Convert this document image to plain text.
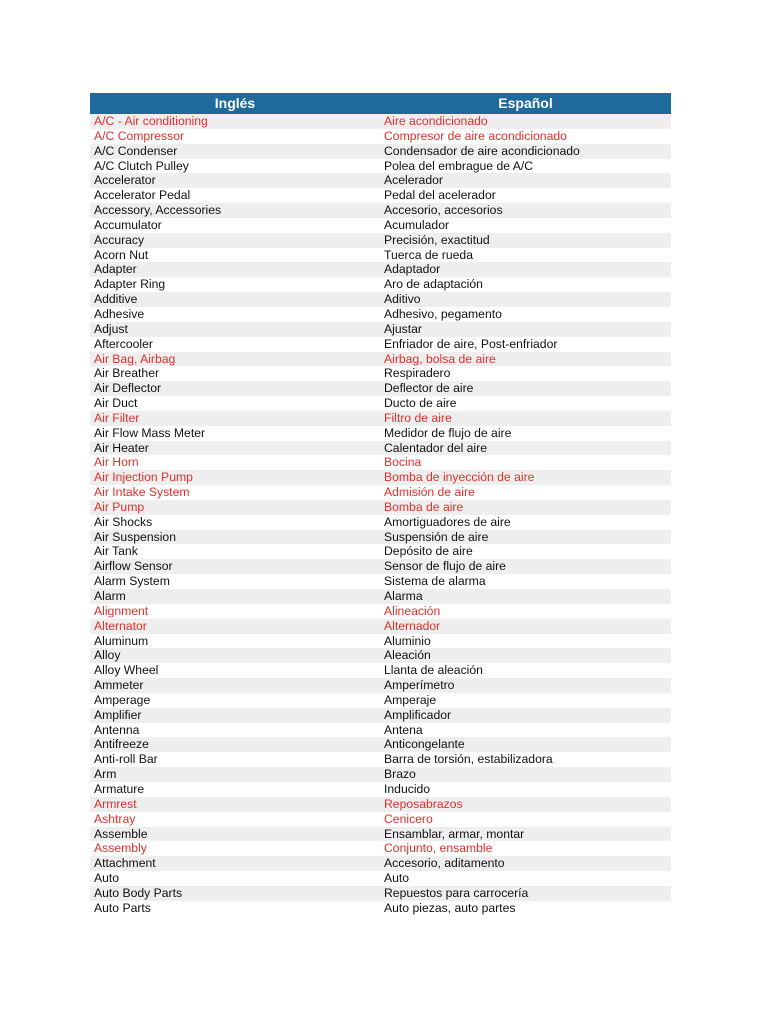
Inglés	Español
A/C - Air conditioning	Aire acondicionado
A/C Compressor	Compresor de aire acondicionado
A/C Condenser	Condensador de aire acondicionado
A/C Clutch Pulley	Polea del embrague de A/C
Accelerator	Acelerador
Accelerator Pedal	Pedal del acelerador
Accessory, Accessories	Accesorio, accesorios
Accumulator	Acumulador
Accuracy	Precisión, exactitud
Acorn Nut	Tuerca de rueda
Adapter	Adaptador
Adapter Ring	Aro de adaptación
Additive	Aditivo
Adhesive	Adhesivo, pegamento
Adjust	Ajustar
Aftercooler	Enfriador de aire, Post-enfriador
Air Bag, Airbag	Airbag, bolsa de aire
Air Breather	Respiradero
Air Deflector	Deflector de aire
Air Duct	Ducto de aire
Air Filter	Filtro de aire
Air Flow Mass Meter	Medidor de flujo de aire
Air Heater	Calentador del aire
Air Horn	Bocina
Air Injection Pump	Bomba de inyección de aire
Air Intake System	Admisión de aire
Air Pump	Bomba de aire
Air Shocks	Amortiguadores de aire
Air Suspension	Suspensión de aire
Air Tank	Depósito de aire
Airflow Sensor	Sensor de flujo de aire
Alarm System	Sistema de alarma
Alarm	Alarma
Alignment	Alineación
Alternator	Alternador
Aluminum	Aluminio
Alloy	Aleación
Alloy Wheel	Llanta de aleación
Ammeter	Amperímetro
Amperage	Amperaje
Amplifier	Amplificador
Antenna	Antena
Antifreeze	Anticongelante
Anti-roll Bar	Barra de torsión, estabilizadora
Arm	Brazo
Armature	Inducido
Armrest	Reposabrazos
Ashtray	Cenicero
Assemble	Ensamblar, armar, montar
Assembly	Conjunto, ensamble
Attachment	Accesorio, aditamento
Auto	Auto
Auto Body Parts	Repuestos para carrocería
Auto Parts	Auto piezas, auto partes
